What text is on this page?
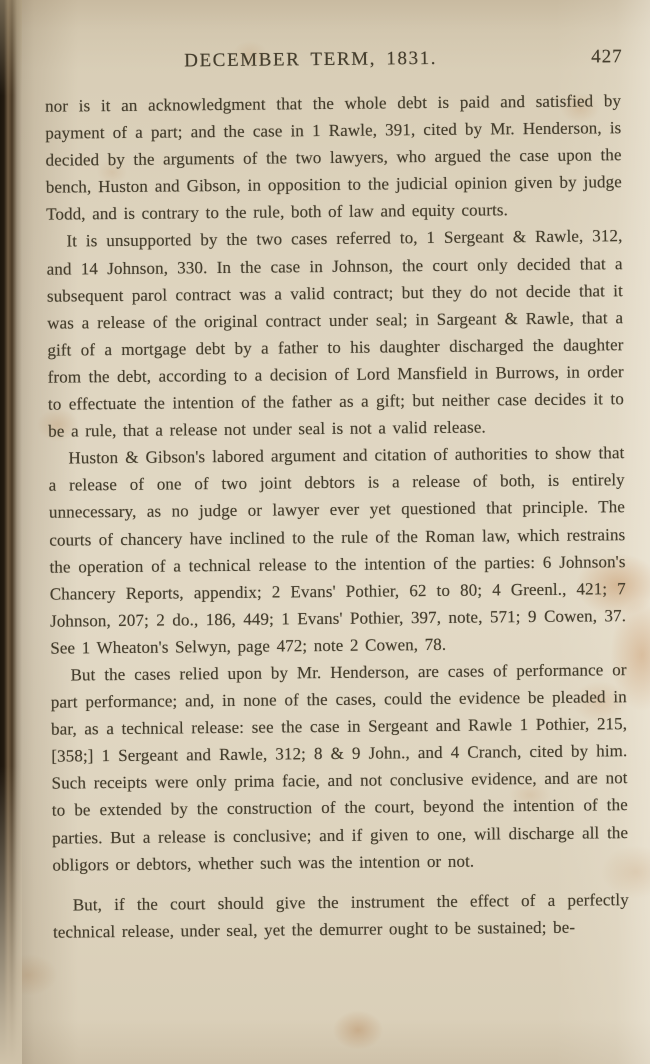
DECEMBER TERM, 1831.	427

nor is it an acknowledgment that the whole debt is paid and satisfied by payment of a part; and the case in 1 Rawle, 391, cited by Mr. Henderson, is decided by the arguments of the two lawyers, who argued the case upon the bench, Huston and Gibson, in opposition to the judicial opinion given by judge Todd, and is contrary to the rule, both of law and equity courts.

It is unsupported by the two cases referred to, 1 Sergeant & Rawle, 312, and 14 Johnson, 330. In the case in Johnson, the court only decided that a subsequent parol contract was a valid contract; but they do not decide that it was a release of the original contract under seal; in Sargeant & Rawle, that a gift of a mortgage debt by a father to his daughter discharged the daughter from the debt, according to a decision of Lord Mansfield in Burrows, in order to effectuate the intention of the father as a gift; but neither case decides it to be a rule, that a release not under seal is not a valid release.

Huston & Gibson's labored argument and citation of authorities to show that a release of one of two joint debtors is a release of both, is entirely unnecessary, as no judge or lawyer ever yet questioned that principle. The courts of chancery have inclined to the rule of the Roman law, which restrains the operation of a technical release to the intention of the parties: 6 Johnson's Chancery Reports, appendix; 2 Evans' Pothier, 62 to 80; 4 Greenl., 421; 7 Johnson, 207; 2 do., 186, 449; 1 Evans' Pothier, 397, note, 571; 9 Cowen, 37. See 1 Wheaton's Selwyn, page 472; note 2 Cowen, 78.

But the cases relied upon by Mr. Henderson, are cases of performance or part performance; and, in none of the cases, could the evidence be pleaded in bar, as a technical release: see the case in Sergeant and Rawle 1 Pothier, 215, [358;] 1 Sergeant and Rawle, 312; 8 & 9 John., and 4 Cranch, cited by him. Such receipts were only prima facie, and not conclusive evidence, and are not to be extended by the construction of the court, beyond the intention of the parties. But a release is conclusive; and if given to one, will discharge all the obligors or debtors, whether such was the intention or not.

But, if the court should give the instrument the effect of a perfectly technical release, under seal, yet the demurrer ought to be sustained; be-
